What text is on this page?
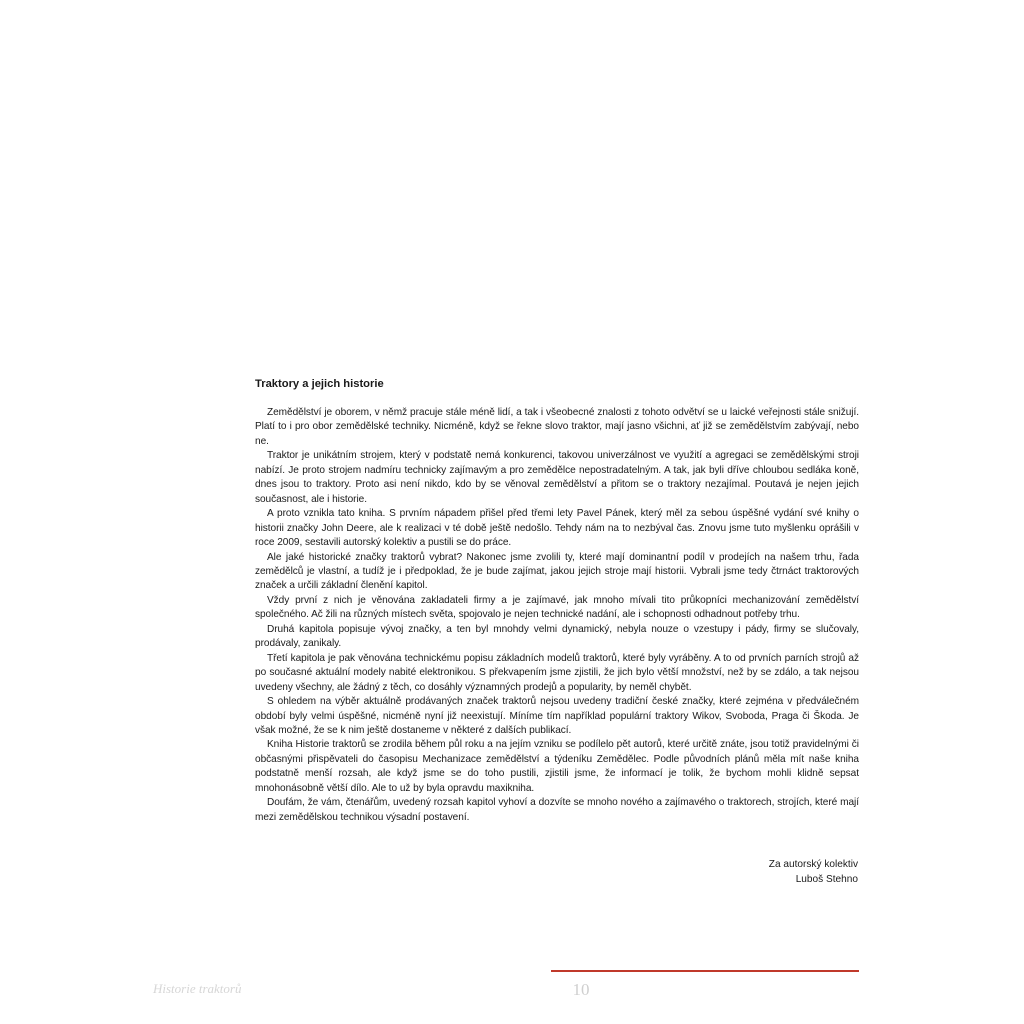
Traktory a jejich historie

Zemědělství je oborem, v němž pracuje stále méně lidí, a tak i všeobecné znalosti z tohoto odvětví se u laické veřejnosti stále snižují. Platí to i pro obor zemědělské techniky. Nicméně, když se řekne slovo traktor, mají jasno všichni, ať již se zemědělstvím zabývají, nebo ne.

Traktor je unikátním strojem, který v podstatě nemá konkurenci, takovou univerzálnost ve využití a agregaci se zemědělskými stroji nabízí. Je proto strojem nadmíru technicky zajímavým a pro zemědělce nepostradatelným. A tak, jak byli dříve chloubou sedláka koně, dnes jsou to traktory. Proto asi není nikdo, kdo by se věnoval zemědělství a přitom se o traktory nezajímal. Poutavá je nejen jejich současnost, ale i historie.

A proto vznikla tato kniha. S prvním nápadem přišel před třemi lety Pavel Pánek, který měl za sebou úspěšné vydání své knihy o historii značky John Deere, ale k realizaci v té době ještě nedošlo. Tehdy nám na to nezbýval čas. Znovu jsme tuto myšlenku oprášili v roce 2009, sestavili autorský kolektiv a pustili se do práce.

Ale jaké historické značky traktorů vybrat? Nakonec jsme zvolili ty, které mají dominantní podíl v prodejích na našem trhu, řada zemědělců je vlastní, a tudíž je i předpoklad, že je bude zajímat, jakou jejich stroje mají historii. Vybrali jsme tedy čtrnáct traktorových značek a určili základní členění kapitol.

Vždy první z nich je věnována zakladateli firmy a je zajímavé, jak mnoho mívali tito průkopníci mechanizování zemědělství společného. Ač žili na různých místech světa, spojovalo je nejen technické nadání, ale i schopnosti odhadnout potřeby trhu.

Druhá kapitola popisuje vývoj značky, a ten byl mnohdy velmi dynamický, nebyla nouze o vzestupy i pády, firmy se slučovaly, prodávaly, zanikaly.

Třetí kapitola je pak věnována technickému popisu základních modelů traktorů, které byly vyráběny. A to od prvních parních strojů až po současné aktuální modely nabité elektronikou. S překvapením jsme zjistili, že jich bylo větší množství, než by se zdálo, a tak nejsou uvedeny všechny, ale žádný z těch, co dosáhly významných prodejů a popularity, by neměl chybět.

S ohledem na výběr aktuálně prodávaných značek traktorů nejsou uvedeny tradiční české značky, které zejména v předválečném období byly velmi úspěšné, nicméně nyní již neexistují. Míníme tím například populární traktory Wikov, Svoboda, Praga či Škoda. Je však možné, že se k nim ještě dostaneme v některé z dalších publikací.

Kniha Historie traktorů se zrodila během půl roku a na jejím vzniku se podílelo pět autorů, které určitě znáte, jsou totiž pravidelnými či občasnými přispěvateli do časopisu Mechanizace zemědělství a týdeníku Zemědělec. Podle původních plánů měla mít naše kniha podstatně menší rozsah, ale když jsme se do toho pustili, zjistili jsme, že informací je tolik, že bychom mohli klidně sepsat mnohonásobně větší dílo. Ale to už by byla opravdu maxikniha.

Doufám, že vám, čtenářům, uvedený rozsah kapitol vyhoví a dozvíte se mnoho nového a zajímavého o traktorech, strojích, které mají mezi zemědělskou technikou výsadní postavení.

Za autorský kolektiv
Luboš Stehno
Historie traktorů	10
